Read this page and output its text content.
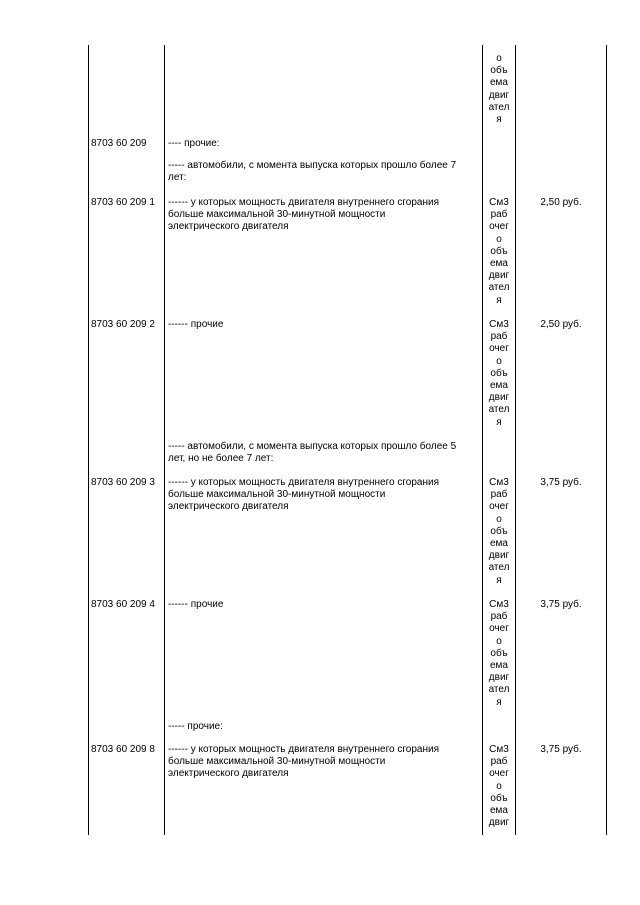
о
объ
ема
двиг
ател
я
8703 60 209 ---- прочие:
----- автомобили, с момента выпуска которых прошло более 7
лет:
8703 60 209 1 ------ у которых мощность двигателя внутреннего сгорания
больше максимальной 30-минутной мощности
электрического двигателя
См3
раб
очег
о
объ
ема
двиг
ател
я
2,50 руб.
8703 60 209 2 ------ прочие	См3
раб
очег
о
объ
ема
двиг
ател
я
2,50 руб.
----- автомобили, с момента выпуска которых прошло более 5
лет, но не более 7 лет:
8703 60 209 3 ------ у которых мощность двигателя внутреннего сгорания
больше максимальной 30-минутной мощности
электрического двигателя
См3
раб
очег
о
объ
ема
двиг
ател
я
3,75 руб.
8703 60 209 4 ------ прочие	См3
раб
очег
о
объ
ема
двиг
ател
я
3,75 руб.
----- прочие:
8703 60 209 8 ------ у которых мощность двигателя внутреннего сгорания
больше максимальной 30-минутной мощности
электрического двигателя
См3
раб
очег
о
объ
ема
двиг
3,75 руб.
